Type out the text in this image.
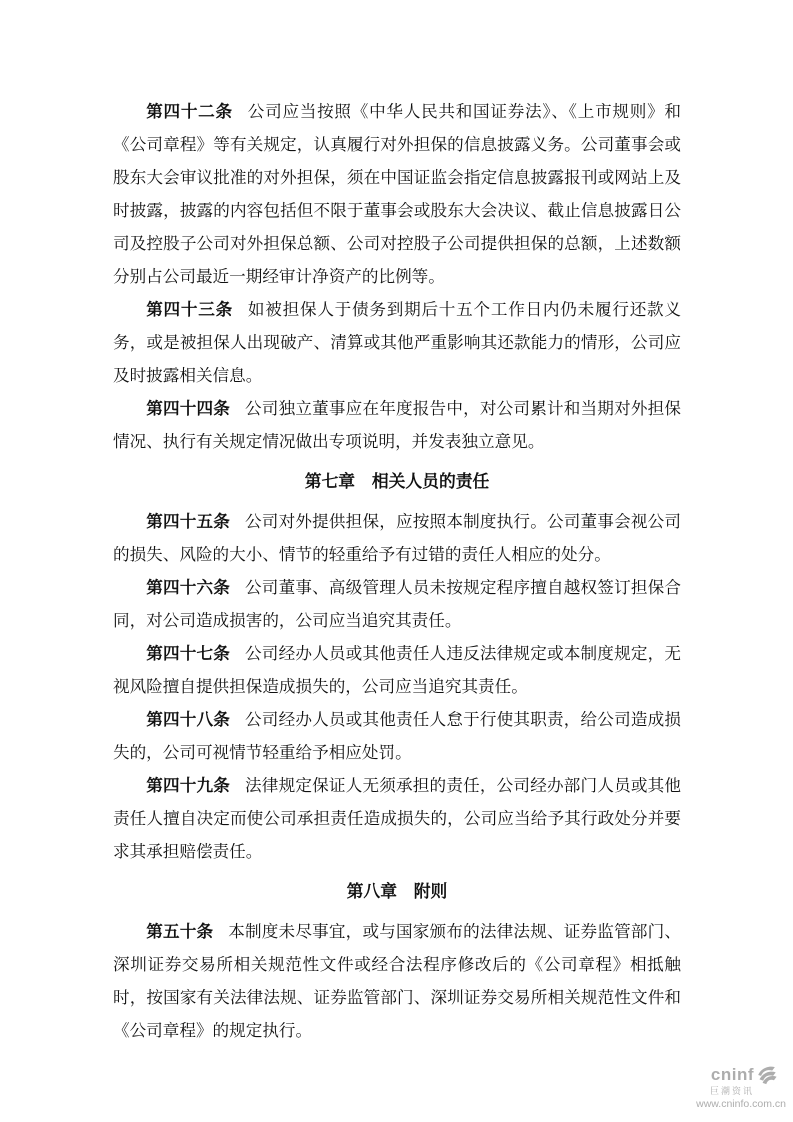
第四十二条 公司应当按照《中华人民共和国证券法》、《上市规则》和《公司章程》等有关规定，认真履行对外担保的信息披露义务。公司董事会或股东大会审议批准的对外担保，须在中国证监会指定信息披露报刊或网站上及时披露，披露的内容包括但不限于董事会或股东大会决议、截止信息披露日公司及控股子公司对外担保总额、公司对控股子公司提供担保的总额，上述数额分别占公司最近一期经审计净资产的比例等。

第四十三条 如被担保人于债务到期后十五个工作日内仍未履行还款义务，或是被担保人出现破产、清算或其他严重影响其还款能力的情形，公司应及时披露相关信息。

第四十四条 公司独立董事应在年度报告中，对公司累计和当期对外担保情况、执行有关规定情况做出专项说明，并发表独立意见。

第七章　相关人员的责任

第四十五条 公司对外提供担保，应按照本制度执行。公司董事会视公司的损失、风险的大小、情节的轻重给予有过错的责任人相应的处分。

第四十六条 公司董事、高级管理人员未按规定程序擅自越权签订担保合同，对公司造成损害的，公司应当追究其责任。

第四十七条 公司经办人员或其他责任人违反法律规定或本制度规定，无视风险擅自提供担保造成损失的，公司应当追究其责任。

第四十八条 公司经办人员或其他责任人怠于行使其职责，给公司造成损失的，公司可视情节轻重给予相应处罚。

第四十九条 法律规定保证人无须承担的责任，公司经办部门人员或其他责任人擅自决定而使公司承担责任造成损失的，公司应当给予其行政处分并要求其承担赔偿责任。

第八章　附则

第五十条 本制度未尽事宜，或与国家颁布的法律法规、证券监管部门、深圳证券交易所相关规范性文件或经合法程序修改后的《公司章程》相抵触时，按国家有关法律法规、证券监管部门、深圳证券交易所相关规范性文件和《公司章程》的规定执行。

cninf
巨潮资讯
www.cninfo.com.cn
